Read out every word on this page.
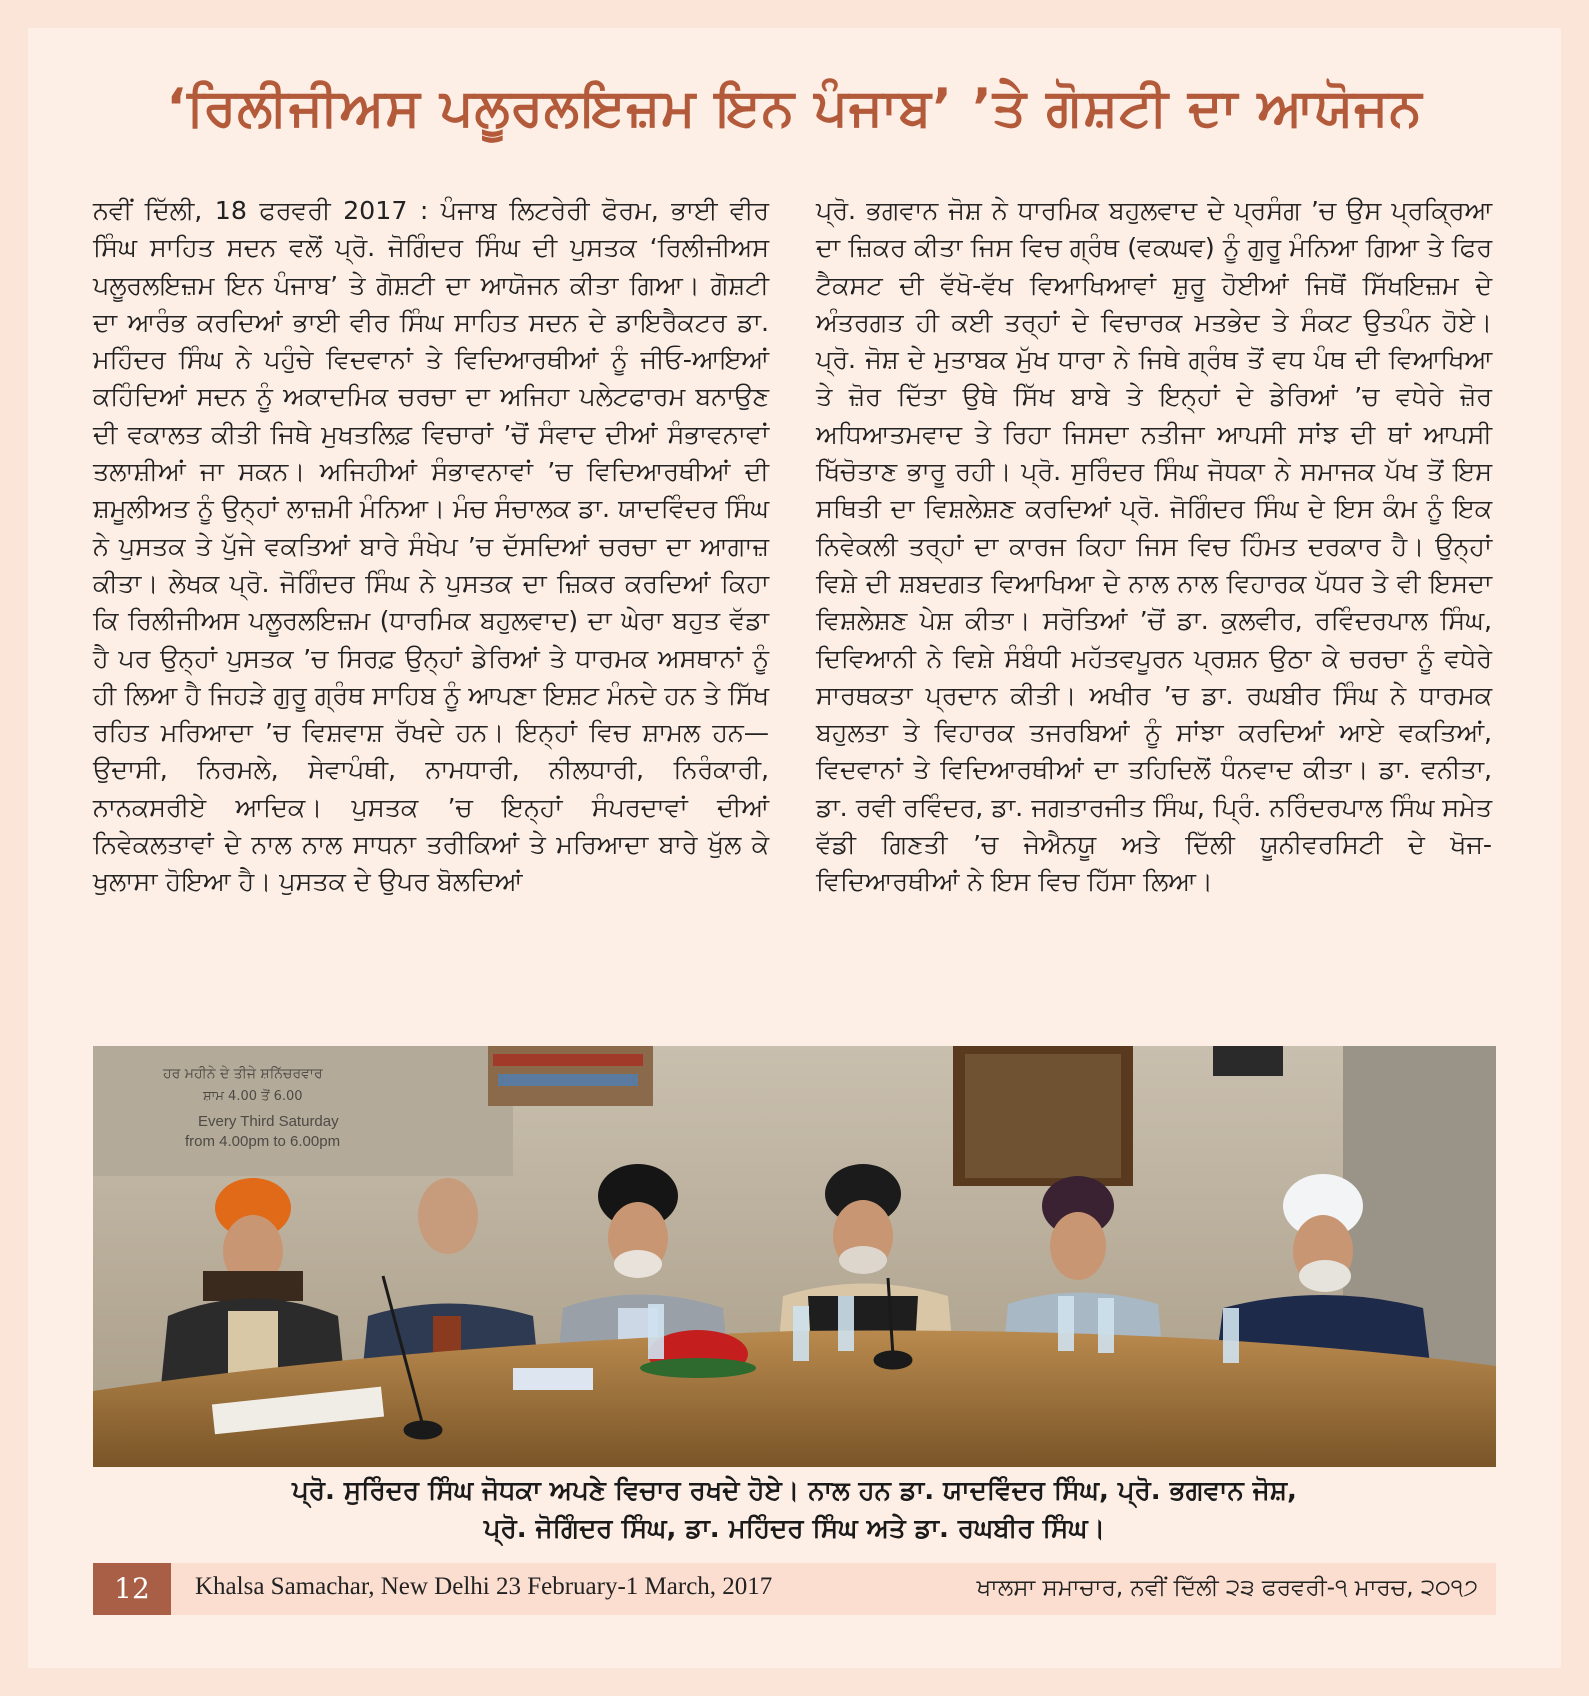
‘ਰਿਲੀਜੀਅਸ ਪਲੂਰਲਇਜ਼ਮ ਇਨ ਪੰਜਾਬ’ ’ਤੇ ਗੋਸ਼ਟੀ ਦਾ ਆਯੋਜਨ

ਨਵੀਂ ਦਿੱਲੀ, 18 ਫਰਵਰੀ 2017 : ਪੰਜਾਬ ਲਿਟਰੇਰੀ ਫੋਰਮ, ਭਾਈ ਵੀਰ ਸਿੰਘ ਸਾਹਿਤ ਸਦਨ ਵਲੋਂ ਪ੍ਰੋ. ਜੋਗਿੰਦਰ ਸਿੰਘ ਦੀ ਪੁਸਤਕ ‘ਰਿਲੀਜੀਅਸ ਪਲੂਰਲਇਜ਼ਮ ਇਨ ਪੰਜਾਬ’ ਤੇ ਗੋਸ਼ਟੀ ਦਾ ਆਯੋਜਨ ਕੀਤਾ ਗਿਆ। ਗੋਸ਼ਟੀ ਦਾ ਆਰੰਭ ਕਰਦਿਆਂ ਭਾਈ ਵੀਰ ਸਿੰਘ ਸਾਹਿਤ ਸਦਨ ਦੇ ਡਾਇਰੈਕਟਰ ਡਾ. ਮਹਿੰਦਰ ਸਿੰਘ ਨੇ ਪਹੁੰਚੇ ਵਿਦਵਾਨਾਂ ਤੇ ਵਿਦਿਆਰਥੀਆਂ ਨੂੰ ਜੀਓ-ਆਇਆਂ ਕਹਿੰਦਿਆਂ ਸਦਨ ਨੂੰ ਅਕਾਦਮਿਕ ਚਰਚਾ ਦਾ ਅਜਿਹਾ ਪਲੇਟਫਾਰਮ ਬਨਾਉਣ ਦੀ ਵਕਾਲਤ ਕੀਤੀ ਜਿਥੇ ਮੁਖਤਲਿਫ਼ ਵਿਚਾਰਾਂ ’ਚੋਂ ਸੰਵਾਦ ਦੀਆਂ ਸੰਭਾਵਨਾਵਾਂ ਤਲਾਸ਼ੀਆਂ ਜਾ ਸਕਨ। ਅਜਿਹੀਆਂ ਸੰਭਾਵਨਾਵਾਂ ’ਚ ਵਿਦਿਆਰਥੀਆਂ ਦੀ ਸ਼ਮੂਲੀਅਤ ਨੂੰ ਉਨ੍ਹਾਂ ਲਾਜ਼ਮੀ ਮੰਨਿਆ। ਮੰਚ ਸੰਚਾਲਕ ਡਾ. ਯਾਦਵਿੰਦਰ ਸਿੰਘ ਨੇ ਪੁਸਤਕ ਤੇ ਪੁੱਜੇ ਵਕਤਿਆਂ ਬਾਰੇ ਸੰਖੇਪ ’ਚ ਦੱਸਦਿਆਂ ਚਰਚਾ ਦਾ ਆਗਾਜ਼ ਕੀਤਾ। ਲੇਖਕ ਪ੍ਰੋ. ਜੋਗਿੰਦਰ ਸਿੰਘ ਨੇ ਪੁਸਤਕ ਦਾ ਜ਼ਿਕਰ ਕਰਦਿਆਂ ਕਿਹਾ ਕਿ ਰਿਲੀਜੀਅਸ ਪਲੂਰਲਇਜ਼ਮ (ਧਾਰਮਿਕ ਬਹੁਲਵਾਦ) ਦਾ ਘੇਰਾ ਬਹੁਤ ਵੱਡਾ ਹੈ ਪਰ ਉਨ੍ਹਾਂ ਪੁਸਤਕ ’ਚ ਸਿਰਫ਼ ਉਨ੍ਹਾਂ ਡੇਰਿਆਂ ਤੇ ਧਾਰਮਕ ਅਸਥਾਨਾਂ ਨੂੰ ਹੀ ਲਿਆ ਹੈ ਜਿਹੜੇ ਗੁਰੂ ਗ੍ਰੰਥ ਸਾਹਿਬ ਨੂੰ ਆਪਣਾ ਇਸ਼ਟ ਮੰਨਦੇ ਹਨ ਤੇ ਸਿੱਖ ਰਹਿਤ ਮਰਿਆਦਾ ’ਚ ਵਿਸ਼ਵਾਸ਼ ਰੱਖਦੇ ਹਨ। ਇਨ੍ਹਾਂ ਵਿਚ ਸ਼ਾਮਲ ਹਨ— ਉਦਾਸੀ, ਨਿਰਮਲੇ, ਸੇਵਾਪੰਥੀ, ਨਾਮਧਾਰੀ, ਨੀਲਧਾਰੀ, ਨਿਰੰਕਾਰੀ, ਨਾਨਕਸਰੀਏ ਆਦਿਕ। ਪੁਸਤਕ ’ਚ ਇਨ੍ਹਾਂ ਸੰਪਰਦਾਵਾਂ ਦੀਆਂ ਨਿਵੇਕਲਤਾਵਾਂ ਦੇ ਨਾਲ ਨਾਲ ਸਾਧਨਾ ਤਰੀਕਿਆਂ ਤੇ ਮਰਿਆਦਾ ਬਾਰੇ ਖੁੱਲ ਕੇ ਖੁਲਾਸਾ ਹੋਇਆ ਹੈ। ਪੁਸਤਕ ਦੇ ਉਪਰ ਬੋਲਦਿਆਂ

ਪ੍ਰੋ. ਭਗਵਾਨ ਜੋਸ਼ ਨੇ ਧਾਰਮਿਕ ਬਹੁਲਵਾਦ ਦੇ ਪ੍ਰਸੰਗ ’ਚ ਉਸ ਪ੍ਰਕ੍ਰਿਆ ਦਾ ਜ਼ਿਕਰ ਕੀਤਾ ਜਿਸ ਵਿਚ ਗ੍ਰੰਥ (ਵਕਘਵ) ਨੂੰ ਗੁਰੂ ਮੰਨਿਆ ਗਿਆ ਤੇ ਫਿਰ ਟੈਕਸਟ ਦੀ ਵੱਖੋ-ਵੱਖ ਵਿਆਖਿਆਵਾਂ ਸ਼ੁਰੂ ਹੋਈਆਂ ਜਿਥੋਂ ਸਿੱਖਇਜ਼ਮ ਦੇ ਅੰਤਰਗਤ ਹੀ ਕਈ ਤਰ੍ਹਾਂ ਦੇ ਵਿਚਾਰਕ ਮਤਭੇਦ ਤੇ ਸੰਕਟ ਉਤਪੰਨ ਹੋਏ। ਪ੍ਰੋ. ਜੋਸ਼ ਦੇ ਮੁਤਾਬਕ ਮੁੱਖ ਧਾਰਾ ਨੇ ਜਿਥੇ ਗ੍ਰੰਥ ਤੋਂ ਵਧ ਪੰਥ ਦੀ ਵਿਆਖਿਆ ਤੇ ਜ਼ੋਰ ਦਿੱਤਾ ਉਥੇ ਸਿੱਖ ਬਾਬੇ ਤੇ ਇਨ੍ਹਾਂ ਦੇ ਡੇਰਿਆਂ ’ਚ ਵਧੇਰੇ ਜ਼ੋਰ ਅਧਿਆਤਮਵਾਦ ਤੇ ਰਿਹਾ ਜਿਸਦਾ ਨਤੀਜਾ ਆਪਸੀ ਸਾਂਝ ਦੀ ਥਾਂ ਆਪਸੀ ਖਿੱਚੋਤਾਣ ਭਾਰੂ ਰਹੀ। ਪ੍ਰੋ. ਸੁਰਿੰਦਰ ਸਿੰਘ ਜੋਧਕਾ ਨੇ ਸਮਾਜਕ ਪੱਖ ਤੋਂ ਇਸ ਸਥਿਤੀ ਦਾ ਵਿਸ਼ਲੇਸ਼ਣ ਕਰਦਿਆਂ ਪ੍ਰੋ. ਜੋਗਿੰਦਰ ਸਿੰਘ ਦੇ ਇਸ ਕੰਮ ਨੂੰ ਇਕ ਨਿਵੇਕਲੀ ਤਰ੍ਹਾਂ ਦਾ ਕਾਰਜ ਕਿਹਾ ਜਿਸ ਵਿਚ ਹਿੰਮਤ ਦਰਕਾਰ ਹੈ। ਉਨ੍ਹਾਂ ਵਿਸ਼ੇ ਦੀ ਸ਼ਬਦਗਤ ਵਿਆਖਿਆ ਦੇ ਨਾਲ ਨਾਲ ਵਿਹਾਰਕ ਪੱਧਰ ਤੇ ਵੀ ਇਸਦਾ ਵਿਸ਼ਲੇਸ਼ਣ ਪੇਸ਼ ਕੀਤਾ। ਸਰੋਤਿਆਂ ’ਚੋਂ ਡਾ. ਕੁਲਵੀਰ, ਰਵਿੰਦਰਪਾਲ ਸਿੰਘ, ਦਿਵਿਆਨੀ ਨੇ ਵਿਸ਼ੇ ਸੰਬੰਧੀ ਮਹੱਤਵਪੂਰਨ ਪ੍ਰਸ਼ਨ ਉਠਾ ਕੇ ਚਰਚਾ ਨੂੰ ਵਧੇਰੇ ਸਾਰਥਕਤਾ ਪ੍ਰਦਾਨ ਕੀਤੀ। ਅਖੀਰ ’ਚ ਡਾ. ਰਘਬੀਰ ਸਿੰਘ ਨੇ ਧਾਰਮਕ ਬਹੁਲਤਾ ਤੇ ਵਿਹਾਰਕ ਤਜਰਬਿਆਂ ਨੂੰ ਸਾਂਝਾ ਕਰਦਿਆਂ ਆਏ ਵਕਤਿਆਂ, ਵਿਦਵਾਨਾਂ ਤੇ ਵਿਦਿਆਰਥੀਆਂ ਦਾ ਤਹਿਦਿਲੋਂ ਧੰਨਵਾਦ ਕੀਤਾ। ਡਾ. ਵਨੀਤਾ, ਡਾ. ਰਵੀ ਰਵਿੰਦਰ, ਡਾ. ਜਗਤਾਰਜੀਤ ਸਿੰਘ, ਪ੍ਰਿੰ. ਨਰਿੰਦਰਪਾਲ ਸਿੰਘ ਸਮੇਤ ਵੱਡੀ ਗਿਣਤੀ ’ਚ ਜੇਐਨਯੂ ਅਤੇ ਦਿੱਲੀ ਯੂਨੀਵਰਸਿਟੀ ਦੇ ਖੋਜ-ਵਿਦਿਆਰਥੀਆਂ ਨੇ ਇਸ ਵਿਚ ਹਿੱਸਾ ਲਿਆ।

ਹਰ ਮਹੀਨੇ ਦੇ ਤੀਜੇ ਸ਼ਨਿੱਚਰਵਾਰ
ਸ਼ਾਮ 4.00 ਤੋਂ 6.00
Every Third Saturday
from 4.00pm to 6.00pm

ਪ੍ਰੋ. ਸੁਰਿੰਦਰ ਸਿੰਘ ਜੋਧਕਾ ਅਪਣੇ ਵਿਚਾਰ ਰਖਦੇ ਹੋਏ। ਨਾਲ ਹਨ ਡਾ. ਯਾਦਵਿੰਦਰ ਸਿੰਘ, ਪ੍ਰੋ. ਭਗਵਾਨ ਜੋਸ਼,

ਪ੍ਰੋ. ਜੋਗਿੰਦਰ ਸਿੰਘ, ਡਾ. ਮਹਿੰਦਰ ਸਿੰਘ ਅਤੇ ਡਾ. ਰਘਬੀਰ ਸਿੰਘ।

12	Khalsa Samachar, New Delhi 23 February-1 March, 2017	ਖਾਲਸਾ ਸਮਾਚਾਰ, ਨਵੀਂ ਦਿੱਲੀ ੨੩ ਫਰਵਰੀ-੧ ਮਾਰਚ, ੨੦੧੭
